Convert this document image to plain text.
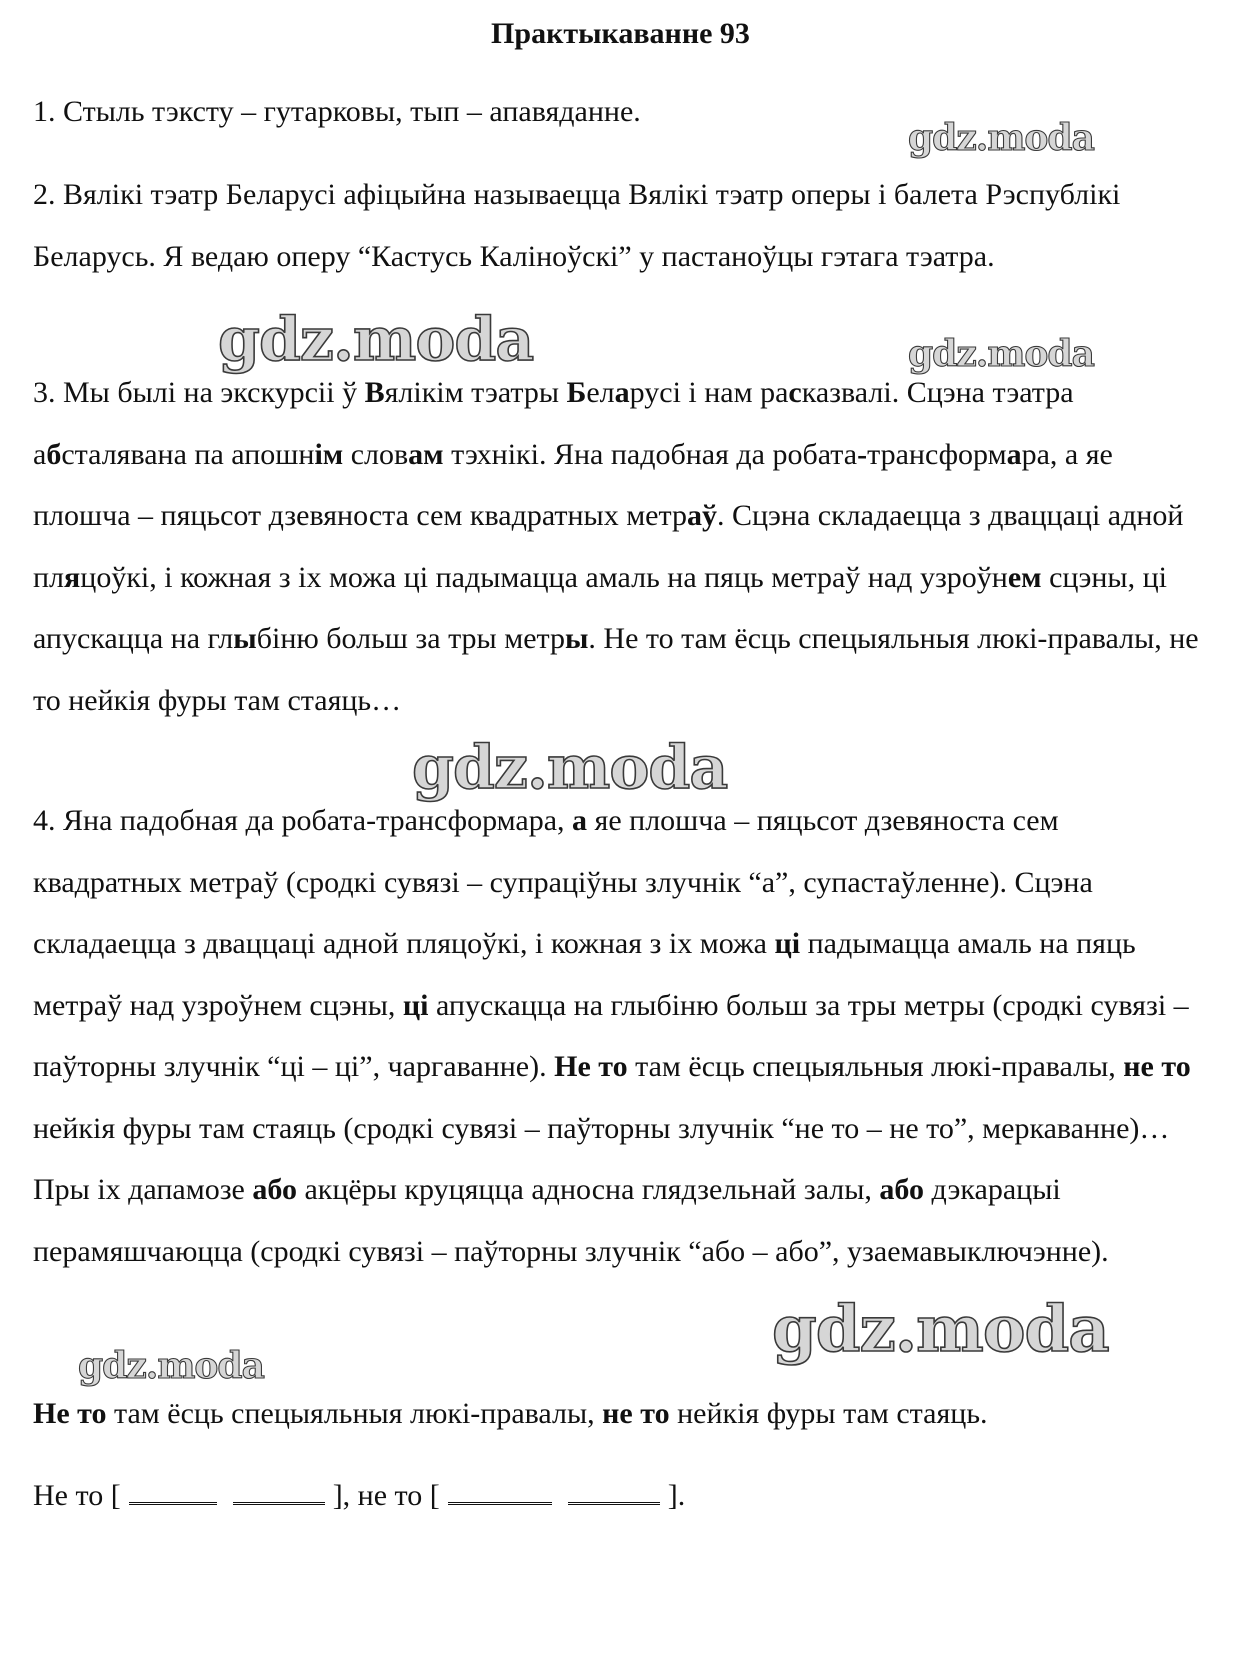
Практыкаванне 93

1. Стыль тэксту – гутарковы, тып – апавяданне.

2. Вялікі тэатр Беларусі афіцыйна называецца Вялікі тэатр оперы і балета Рэспублікі Беларусь. Я ведаю оперу “Кастусь Каліноўскі” у пастаноўцы гэтага тэатра.

3. Мы былі на экскурсіі ў Вялікім тэатры Беларусі і нам расказвалі. Сцэна тэатра абсталявана па апошнім словам тэхнікі. Яна падобная да робата-трансформара, а яе плошча – пяцьсот дзевяноста сем квадратных метраў. Сцэна складаецца з дваццаці адной пляцоўкі, і кожная з іх можа ці падымацца амаль на пяць метраў над узроўнем сцэны, ці апускацца на глыбіню больш за тры метры. Не то там ёсць спецыяльныя люкі-правалы, не то нейкія фуры там стаяць…

4. Яна падобная да робата-трансформара, а яе плошча – пяцьсот дзевяноста сем квадратных метраў (сродкі сувязі – супраціўны злучнік “а”, супастаўленне). Сцэна складаецца з дваццаці адной пляцоўкі, і кожная з іх можа ці падымацца амаль на пяць метраў над узроўнем сцэны, ці апускацца на глыбіню больш за тры метры (сродкі сувязі – паўторны злучнік “ці – ці”, чаргаванне). Не то там ёсць спецыяльныя люкі-правалы, не то нейкія фуры там стаяць (сродкі сувязі – паўторны злучнік “не то – не то”, меркаванне)… Пры іх дапамозе або акцёры круцяцца адносна глядзельнай залы, або дэкарацыі перамяшчаюцца (сродкі сувязі – паўторны злучнік “або – або”, узаемавыключэнне).

Не то там ёсць спецыяльныя люкі-правалы, не то нейкія фуры там стаяць.

Не то [	], не то [	].

gdz.moda
gdz.moda	gdz.moda
gdz.moda
gdz.moda
gdz.moda
